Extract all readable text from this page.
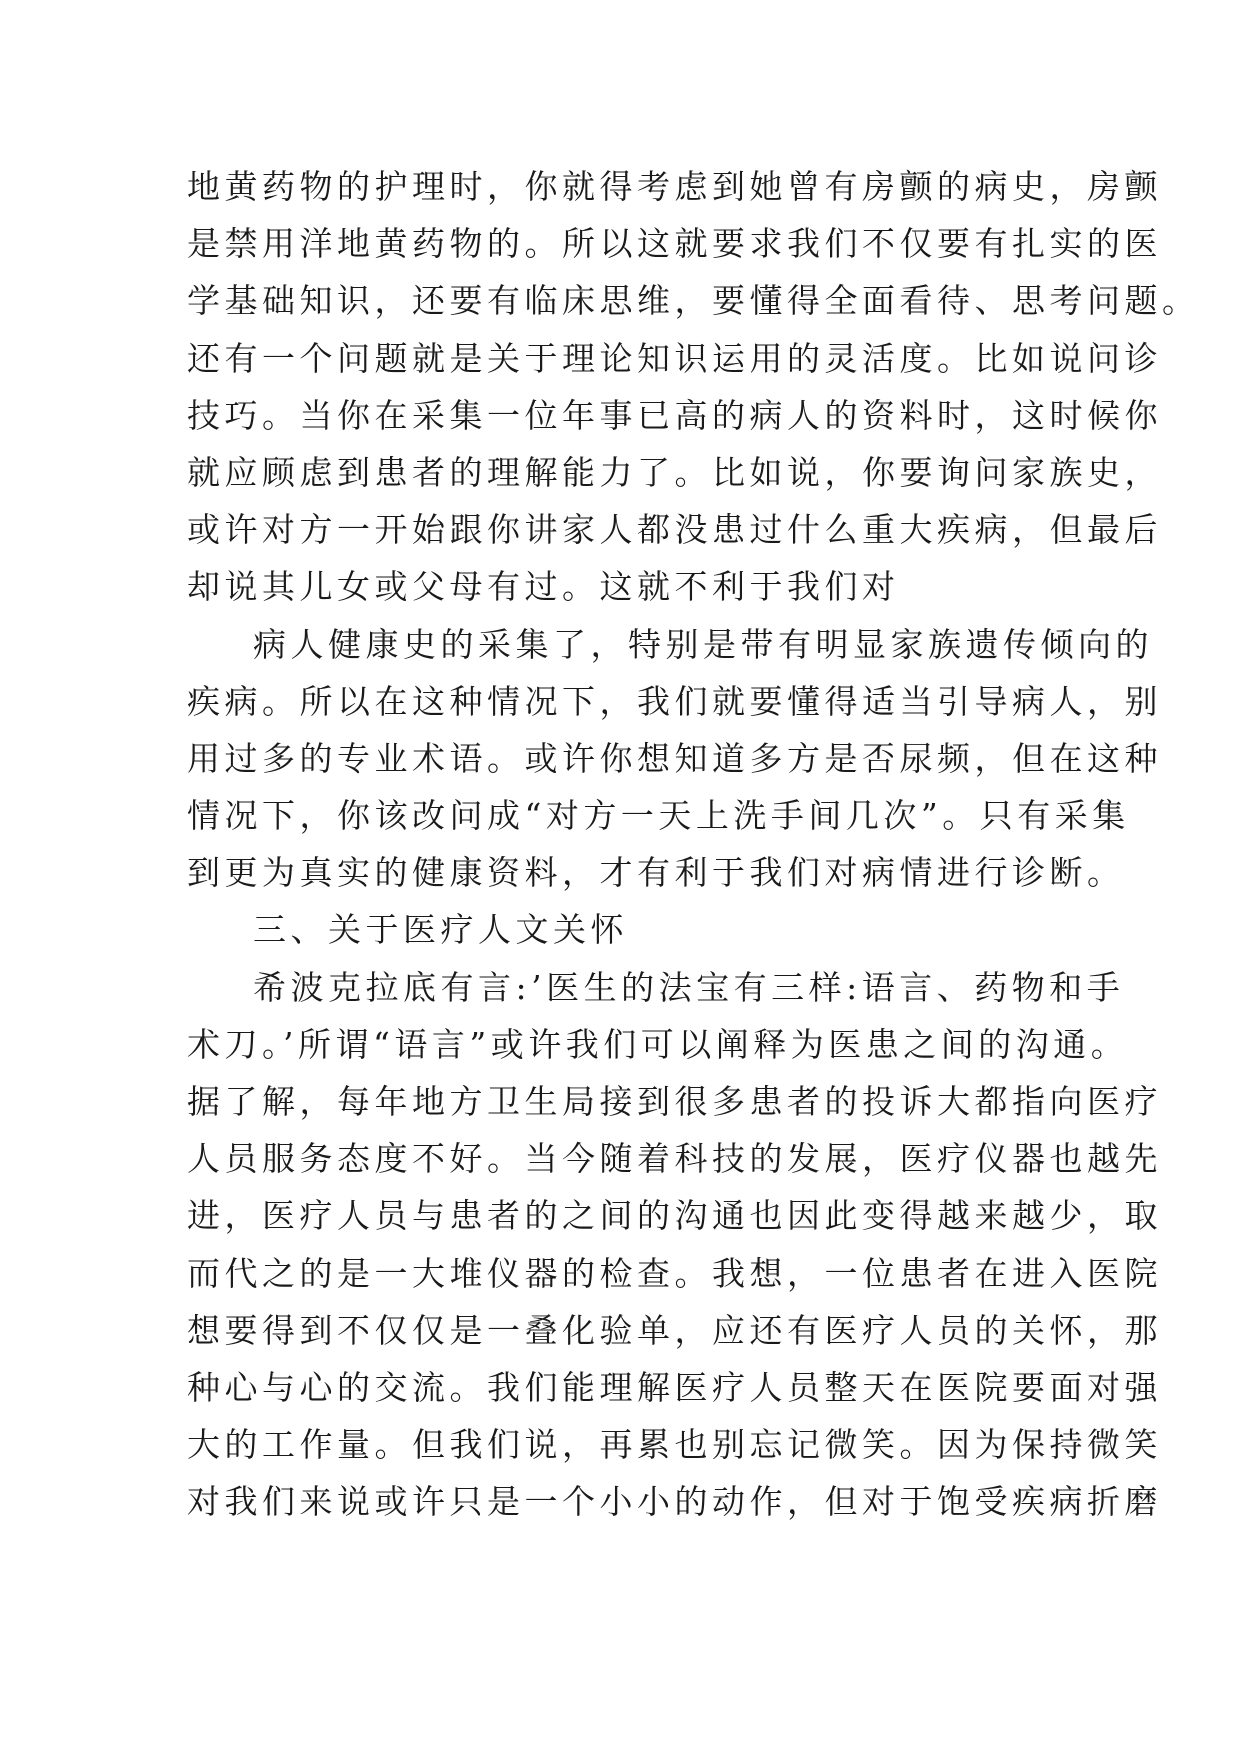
地黄药物的护理时，你就得考虑到她曾有房颤的病史，房颤
是禁用洋地黄药物的。所以这就要求我们不仅要有扎实的医
学基础知识，还要有临床思维，要懂得全面看待、思考问题。
还有一个问题就是关于理论知识运用的灵活度。比如说问诊
技巧。当你在采集一位年事已高的病人的资料时，这时候你
就应顾虑到患者的理解能力了。比如说，你要询问家族史，
或许对方一开始跟你讲家人都没患过什么重大疾病，但最后
却说其儿女或父母有过。这就不利于我们对
病人健康史的采集了，特别是带有明显家族遗传倾向的
疾病。所以在这种情况下，我们就要懂得适当引导病人，别
用过多的专业术语。或许你想知道多方是否尿频，但在这种
情况下，你该改问成“对方一天上洗手间几次”。只有采集
到更为真实的健康资料，才有利于我们对病情进行诊断。
三、关于医疗人文关怀
希波克拉底有言:’医生的法宝有三样:语言、药物和手
术刀。’所谓“语言”或许我们可以阐释为医患之间的沟通。
据了解，每年地方卫生局接到很多患者的投诉大都指向医疗
人员服务态度不好。当今随着科技的发展，医疗仪器也越先
进，医疗人员与患者的之间的沟通也因此变得越来越少，取
而代之的是一大堆仪器的检查。我想，一位患者在进入医院
想要得到不仅仅是一叠化验单，应还有医疗人员的关怀，那
种心与心的交流。我们能理解医疗人员整天在医院要面对强
大的工作量。但我们说，再累也别忘记微笑。因为保持微笑
对我们来说或许只是一个小小的动作，但对于饱受疾病折磨
